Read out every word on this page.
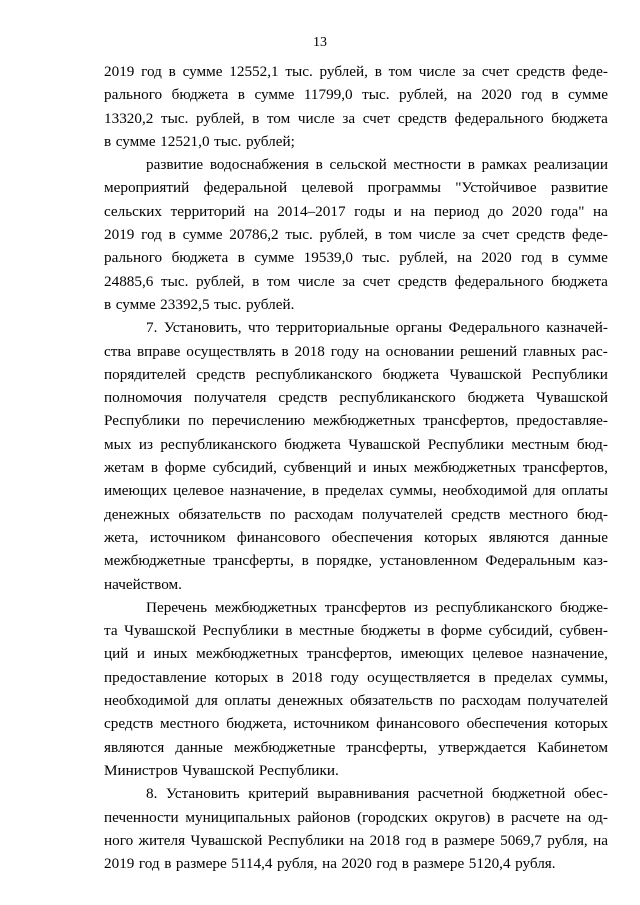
13
2019 год в сумме 12552,1 тыс. рублей, в том числе за счет средств феде-
рального бюджета в сумме 11799,0 тыс. рублей, на 2020 год в сумме
13320,2 тыс. рублей, в том числе за счет средств федерального бюджета
в сумме 12521,0 тыс. рублей;
развитие водоснабжения в сельской местности в рамках реализации
мероприятий федеральной целевой программы "Устойчивое развитие
сельских территорий на 2014–2017 годы и на период до 2020 года" на
2019 год в сумме 20786,2 тыс. рублей, в том числе за счет средств феде-
рального бюджета в сумме 19539,0 тыс. рублей, на 2020 год в сумме
24885,6 тыс. рублей, в том числе за счет средств федерального бюджета
в сумме 23392,5 тыс. рублей.
7. Установить, что территориальные органы Федерального казначей-
ства вправе осуществлять в 2018 году на основании решений главных рас-
порядителей средств республиканского бюджета Чувашской Республики
полномочия получателя средств республиканского бюджета Чувашской
Республики по перечислению межбюджетных трансфертов, предоставляе-
мых из республиканского бюджета Чувашской Республики местным бюд-
жетам в форме субсидий, субвенций и иных межбюджетных трансфертов,
имеющих целевое назначение, в пределах суммы, необходимой для оплаты
денежных обязательств по расходам получателей средств местного бюд-
жета, источником финансового обеспечения которых являются данные
межбюджетные трансферты, в порядке, установленном Федеральным каз-
начейством.
Перечень межбюджетных трансфертов из республиканского бюдже-
та Чувашской Республики в местные бюджеты в форме субсидий, субвен-
ций и иных межбюджетных трансфертов, имеющих целевое назначение,
предоставление которых в 2018 году осуществляется в пределах суммы,
необходимой для оплаты денежных обязательств по расходам получателей
средств местного бюджета, источником финансового обеспечения которых
являются данные межбюджетные трансферты, утверждается Кабинетом
Министров Чувашской Республики.
8. Установить критерий выравнивания расчетной бюджетной обес-
печенности муниципальных районов (городских округов) в расчете на од-
ного жителя Чувашской Республики на 2018 год в размере 5069,7 рубля, на
2019 год в размере 5114,4 рубля, на 2020 год в размере 5120,4 рубля.
